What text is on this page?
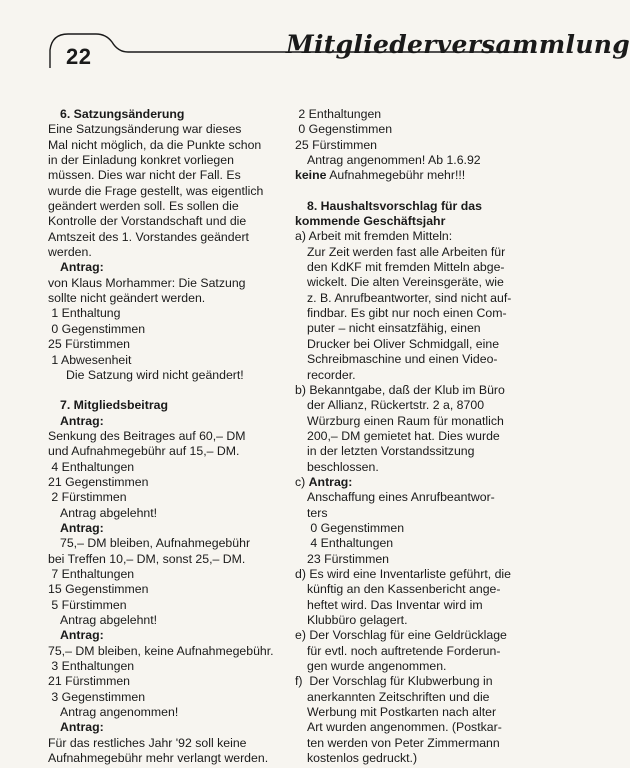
22	Mitgliederversammlung
6. Satzungsänderung
Eine Satzungsänderung war dieses
Mal nicht möglich, da die Punkte schon
in der Einladung konkret vorliegen
müssen. Dies war nicht der Fall. Es
wurde die Frage gestellt, was eigentlich
geändert werden soll. Es sollen die
Kontrolle der Vorstandschaft und die
Amtszeit des 1. Vorstandes geändert
werden.
Antrag:
von Klaus Morhammer: Die Satzung
sollte nicht geändert werden.
1 Enthaltung
0 Gegenstimmen
25 Fürstimmen
1 Abwesenheit
Die Satzung wird nicht geändert!
7. Mitgliedsbeitrag
Antrag:
Senkung des Beitrages auf 60,– DM
und Aufnahmegebühr auf 15,– DM.
4 Enthaltungen
21 Gegenstimmen
2 Fürstimmen
Antrag abgelehnt!
Antrag:
75,– DM bleiben, Aufnahmegebühr
bei Treffen 10,– DM, sonst 25,– DM.
7 Enthaltungen
15 Gegenstimmen
5 Fürstimmen
Antrag abgelehnt!
Antrag:
75,– DM bleiben, keine Aufnahmegebühr.
3 Enthaltungen
21 Fürstimmen
3 Gegenstimmen
Antrag angenommen!
Antrag:
Für das restliches Jahr '92 soll keine
Aufnahmegebühr mehr verlangt werden.
2 Enthaltungen
0 Gegenstimmen
25 Fürstimmen
Antrag angenommen! Ab 1.6.92
keine Aufnahmegebühr mehr!!!
8. Haushaltsvorschlag für das
kommende Geschäftsjahr
a) Arbeit mit fremden Mitteln:
Zur Zeit werden fast alle Arbeiten für
den KdKF mit fremden Mitteln abge-
wickelt. Die alten Vereinsgeräte, wie
z. B. Anrufbeantworter, sind nicht auf-
findbar. Es gibt nur noch einen Com-
puter – nicht einsatzfähig, einen
Drucker bei Oliver Schmidgall, eine
Schreibmaschine und einen Video-
recorder.
b) Bekanntgabe, daß der Klub im Büro
der Allianz, Rückertstr. 2 a, 8700
Würzburg einen Raum für monatlich
200,– DM gemietet hat. Dies wurde
in der letzten Vorstandssitzung
beschlossen.
c) Antrag:
Anschaffung eines Anrufbeantwor-
ters
0 Gegenstimmen
4 Enthaltungen
23 Fürstimmen
d) Es wird eine Inventarliste geführt, die
künftig an den Kassenbericht ange-
heftet wird. Das Inventar wird im
Klubbüro gelagert.
e) Der Vorschlag für eine Geldrücklage
für evtl. noch auftretende Forderun-
gen wurde angenommen.
f)  Der Vorschlag für Klubwerbung in
anerkannten Zeitschriften und die
Werbung mit Postkarten nach alter
Art wurden angenommen. (Postkar-
ten werden von Peter Zimmermann
kostenlos gedruckt.)
